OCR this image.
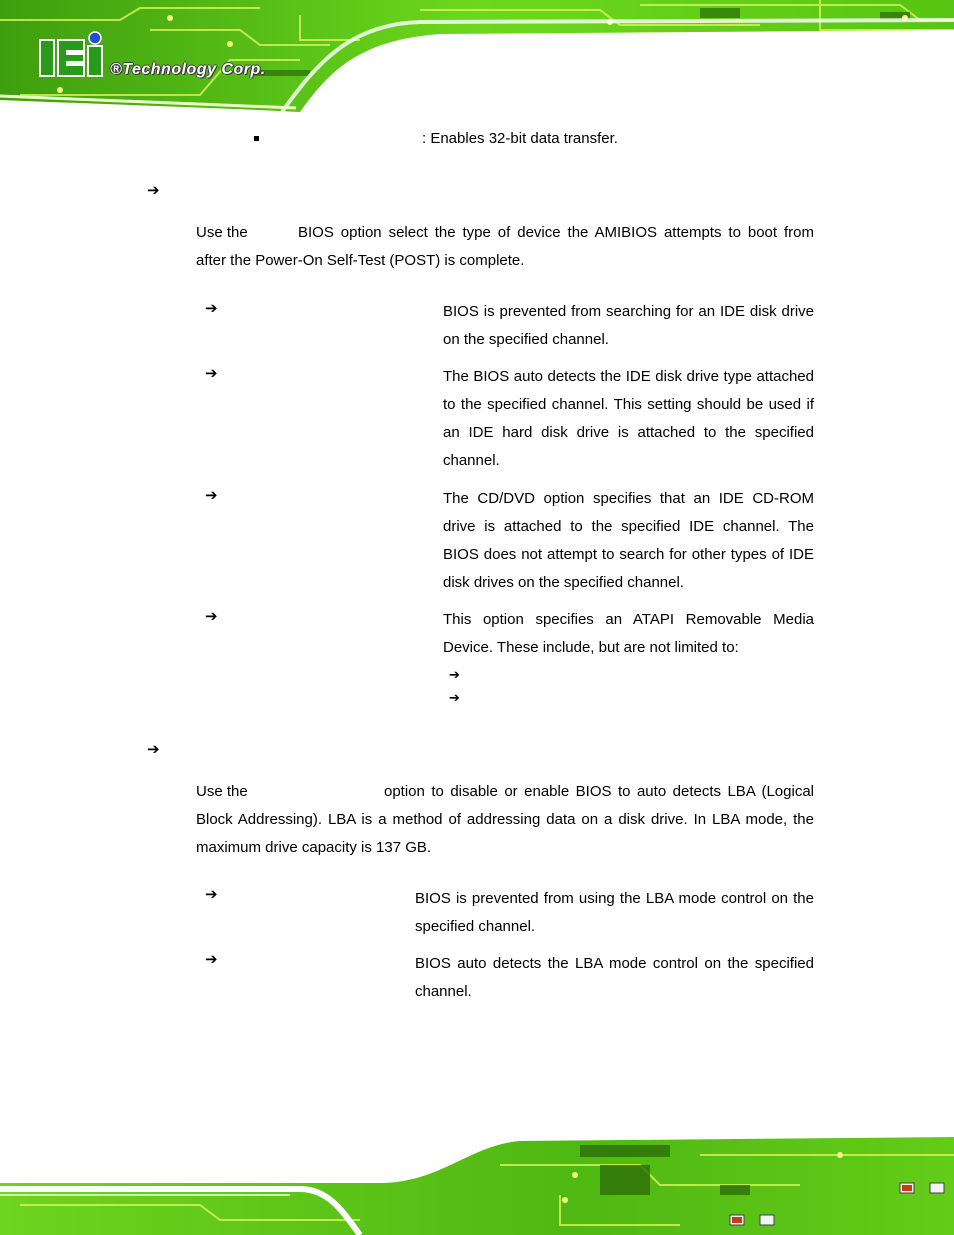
®Technology Corp.
: Enables 32-bit data transfer.
➔
Use the	BIOS option select the type of device the AMIBIOS attempts to boot from after the Power-On Self-Test (POST) is complete.
➔	BIOS is prevented from searching for an IDE disk drive on the specified channel.
➔	The BIOS auto detects the IDE disk drive type attached to the specified channel. This setting should be used if an IDE hard disk drive is attached to the specified channel.
➔	The CD/DVD option specifies that an IDE CD-ROM drive is attached to the specified IDE channel. The BIOS does not attempt to search for other types of IDE disk drives on the specified channel.
➔	This option specifies an ATAPI Removable Media Device. These include, but are not limited to:
➔
➔
➔
Use the	option to disable or enable BIOS to auto detects LBA (Logical Block Addressing). LBA is a method of addressing data on a disk drive. In LBA mode, the maximum drive capacity is 137 GB.
➔	BIOS is prevented from using the LBA mode control on the specified channel.
➔	BIOS auto detects the LBA mode control on the specified channel.
